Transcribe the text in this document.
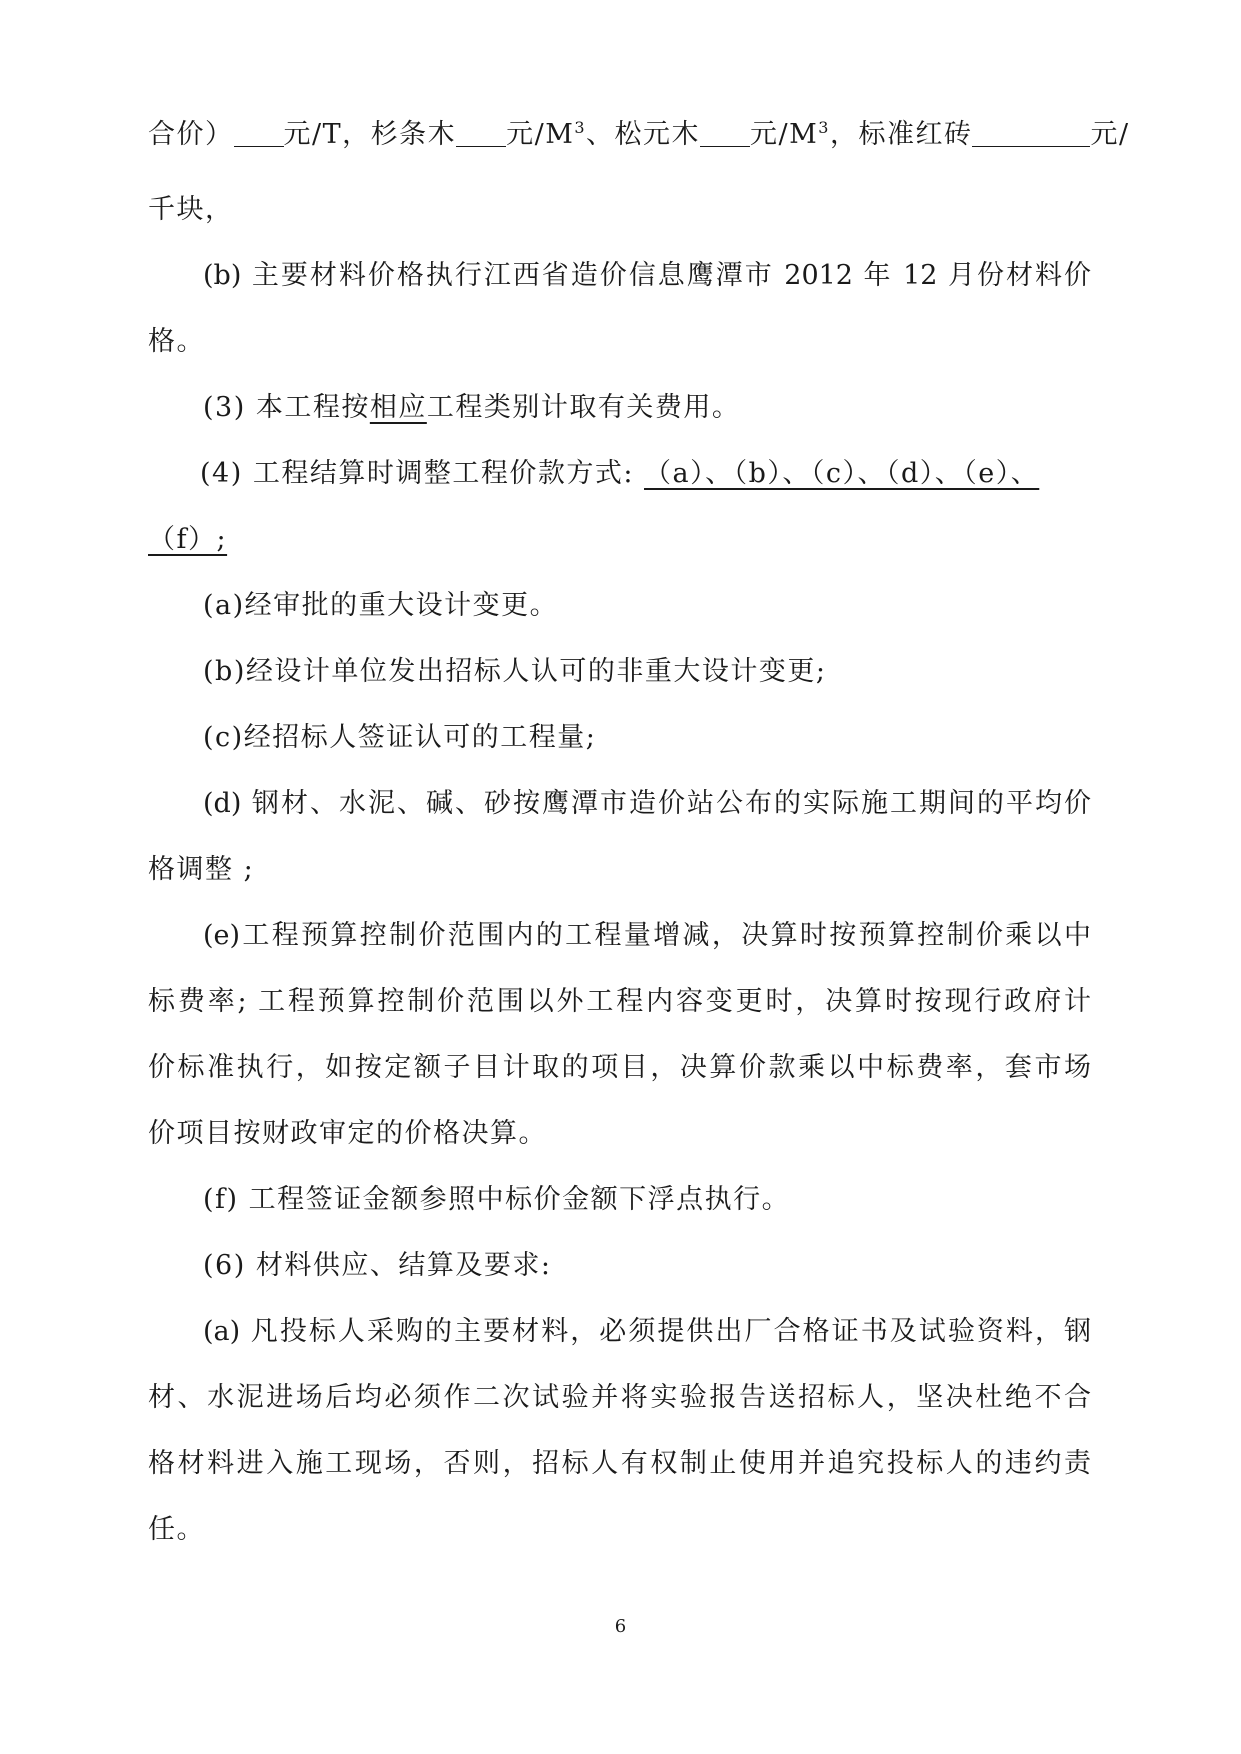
合价） 元/T，杉条木 元$/M^3$、松元木 元$/M^3$，标准红砖	元/
千块，
(b) 主要材料价格执行江西省造价信息鹰潭市 2012 年 12 月份材料价
格。
(3) 本工程按相应工程类别计取有关费用。
(4) 工程结算时调整工程价款方式: （a）、（b）、（c）、（d）、（e）、
（f）;
(a)经审批的重大设计变更。
(b)经设计单位发出招标人认可的非重大设计变更;
(c)经招标人签证认可的工程量;
(d) 钢材、水泥、碱、砂按鹰潭市造价站公布的实际施工期间的平均价
格调整 ;
(e)工程预算控制价范围内的工程量增减，决算时按预算控制价乘以中
标费率; 工程预算控制价范围以外工程内容变更时，决算时按现行政府计
价标准执行，如按定额子目计取的项目，决算价款乘以中标费率，套市场
价项目按财政审定的价格决算。
(f) 工程签证金额参照中标价金额下浮点执行。
(6) 材料供应、结算及要求:
(a) 凡投标人采购的主要材料，必须提供出厂合格证书及试验资料，钢
材、水泥进场后均必须作二次试验并将实验报告送招标人，坚决杜绝不合
格材料进入施工现场，否则，招标人有权制止使用并追究投标人的违约责
任。
6
